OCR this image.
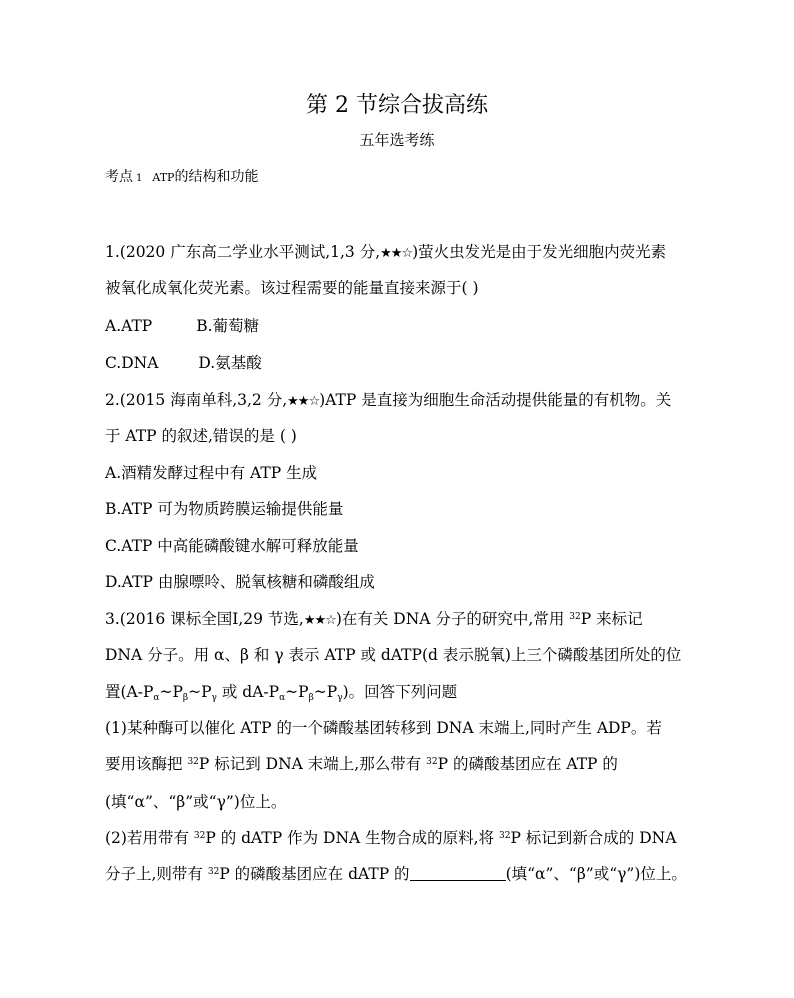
第 2 节综合拔高练
五年选考练
考点 1 ATP的结构和功能
1.(2020 广东高二学业水平测试,1,3 分,★★☆)萤火虫发光是由于发光细胞内荧光素
被氧化成氧化荧光素。该过程需要的能量直接来源于( )
A.ATP	B.葡萄糖
C.DNA	D.氨基酸
2.(2015 海南单科,3,2 分,★★☆)ATP 是直接为细胞生命活动提供能量的有机物。关
于 ATP 的叙述,错误的是 ( )
A.酒精发酵过程中有 ATP 生成
B.ATP 可为物质跨膜运输提供能量
C.ATP 中高能磷酸键水解可释放能量
D.ATP 由腺嘌呤、脱氧核糖和磷酸组成
3.(2016 课标全国Ⅰ,29 节选,★★☆)在有关 DNA 分子的研究中,常用 $^{32}$P 来标记
DNA 分子。用 α、β 和 γ 表示 ATP 或 dATP(d 表示脱氧)上三个磷酸基团所处的位
置($A-P_\alpha\sim P_\beta\sim P_\gamma$ 或 $dA-P_\alpha\sim P_\beta\sim P_\gamma$)。回答下列问题
(1)某种酶可以催化 ATP 的一个磷酸基团转移到 DNA 末端上,同时产生 ADP。若
要用该酶把 $^{32}$P 标记到 DNA 末端上,那么带有 $^{32}$P 的磷酸基团应在 ATP 的
(填“α”、“β”或“γ”)位上。
(2)若用带有 $^{32}$P 的 dATP 作为 DNA 生物合成的原料,将 $^{32}$P 标记到新合成的 DNA
分子上,则带有 $^{32}$P 的磷酸基团应在 dATP 的	(填“α”、“β”或“γ”)位上。
